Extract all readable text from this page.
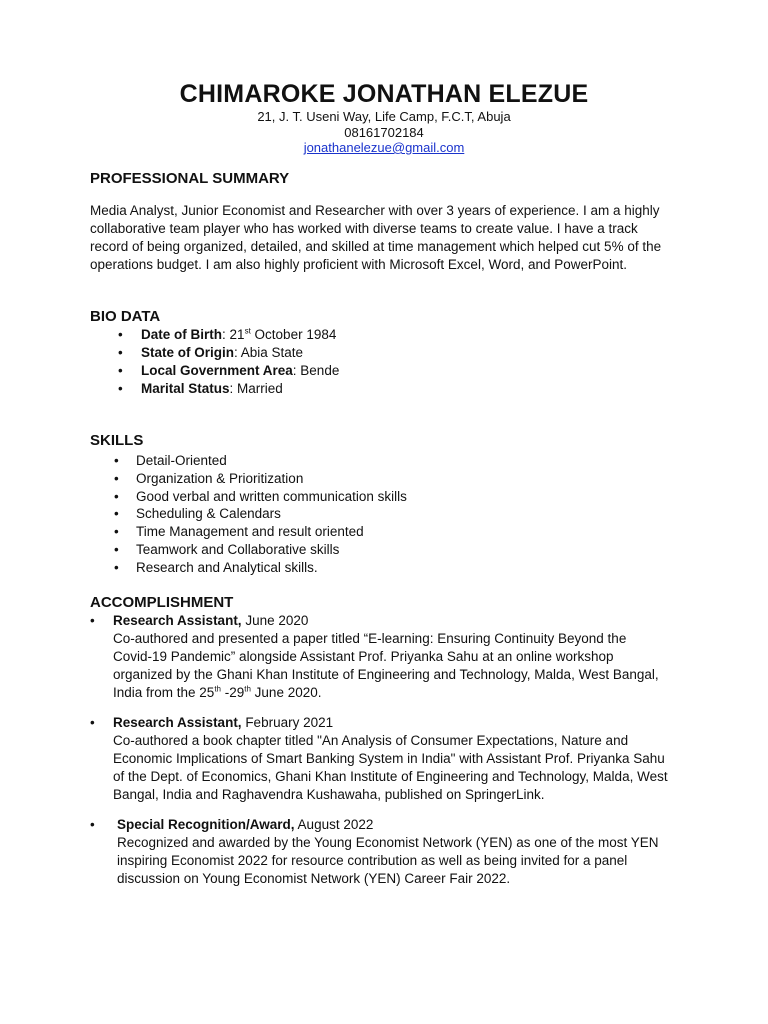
CHIMAROKE JONATHAN ELEZUE
21, J. T. Useni Way, Life Camp, F.C.T, Abuja
08161702184
jonathanelezue@gmail.com
PROFESSIONAL SUMMARY
Media Analyst, Junior Economist and Researcher with over 3 years of experience. I am a highly
collaborative team player who has worked with diverse teams to create value. I have a track
record of being organized, detailed, and skilled at time management which helped cut 5% of the
operations budget. I am also highly proficient with Microsoft Excel, Word, and PowerPoint.
BIO DATA
• Date of Birth: 21st October 1984
• State of Origin: Abia State
• Local Government Area: Bende
• Marital Status: Married
SKILLS
• Detail-Oriented
• Organization & Prioritization
• Good verbal and written communication skills
• Scheduling & Calendars
• Time Management and result oriented
• Teamwork and Collaborative skills
• Research and Analytical skills.
ACCOMPLISHMENT
• Research Assistant, June 2020
Co-authored and presented a paper titled “E-learning: Ensuring Continuity Beyond the
Covid-19 Pandemic” alongside Assistant Prof. Priyanka Sahu at an online workshop
organized by the Ghani Khan Institute of Engineering and Technology, Malda, West Bangal,
India from the 25th -29th June 2020.
• Research Assistant, February 2021
Co-authored a book chapter titled "An Analysis of Consumer Expectations, Nature and
Economic Implications of Smart Banking System in India" with Assistant Prof. Priyanka Sahu
of the Dept. of Economics, Ghani Khan Institute of Engineering and Technology, Malda, West
Bangal, India and Raghavendra Kushawaha, published on SpringerLink.
• Special Recognition/Award, August 2022
Recognized and awarded by the Young Economist Network (YEN) as one of the most YEN
inspiring Economist 2022 for resource contribution as well as being invited for a panel
discussion on Young Economist Network (YEN) Career Fair 2022.
